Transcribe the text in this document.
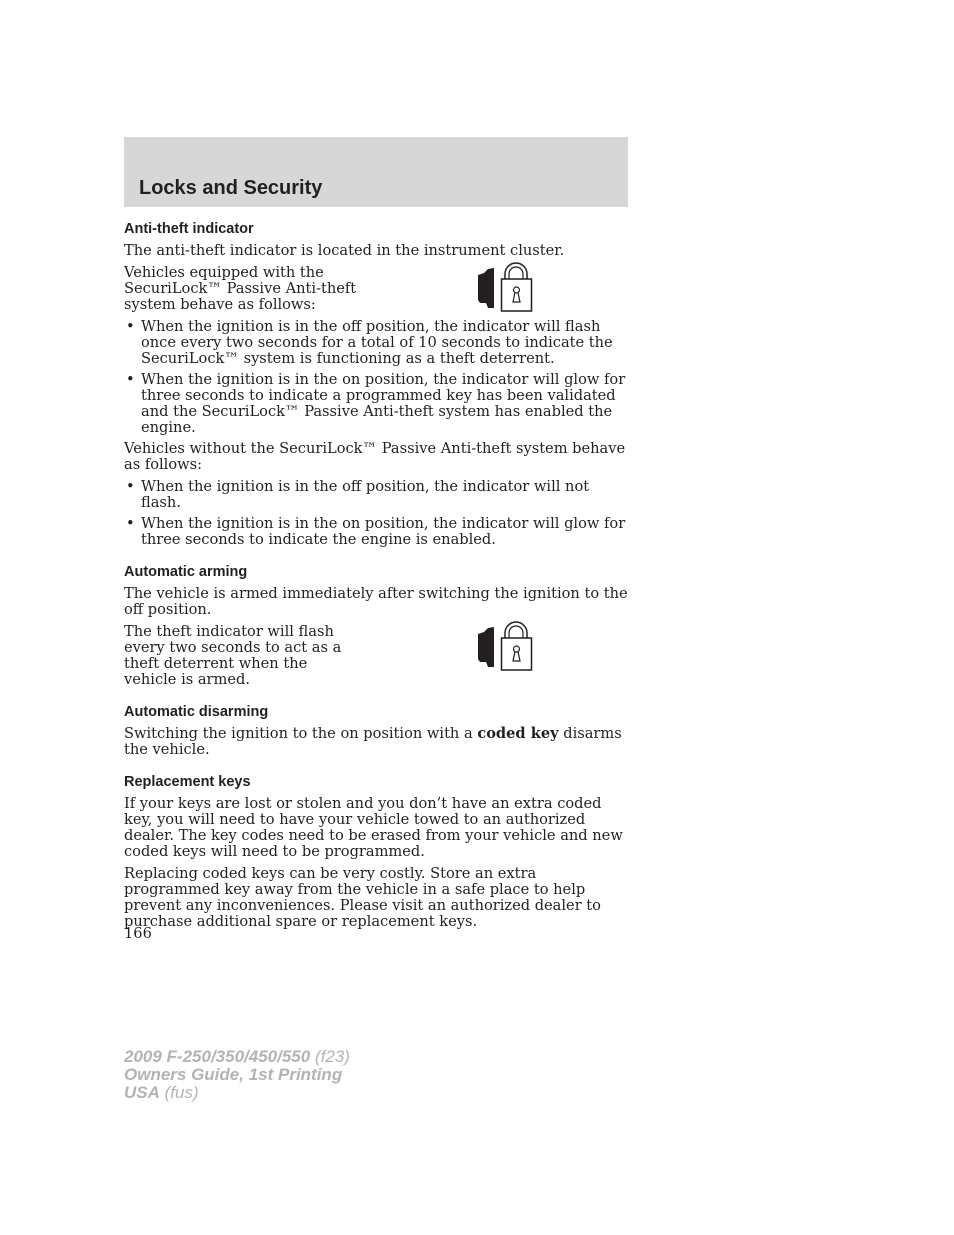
Locks and Security
Anti-theft indicator

The anti-theft indicator is located in the instrument cluster.

Vehicles equipped with the SecuriLock™ Passive Anti-theft system behave as follows:

• When the ignition is in the off position, the indicator will flash once every two seconds for a total of 10 seconds to indicate the SecuriLock™ system is functioning as a theft deterrent.
• When the ignition is in the on position, the indicator will glow for three seconds to indicate a programmed key has been validated and the SecuriLock™ Passive Anti-theft system has enabled the engine.

Vehicles without the SecuriLock™ Passive Anti-theft system behave as follows:

• When the ignition is in the off position, the indicator will not flash.
• When the ignition is in the on position, the indicator will glow for three seconds to indicate the engine is enabled.
Automatic arming

The vehicle is armed immediately after switching the ignition to the off position.

The theft indicator will flash every two seconds to act as a theft deterrent when the vehicle is armed.

Automatic disarming

Switching the ignition to the on position with a coded key disarms the vehicle.

Replacement keys

If your keys are lost or stolen and you don’t have an extra coded key, you will need to have your vehicle towed to an authorized dealer. The key codes need to be erased from your vehicle and new coded keys will need to be programmed.

Replacing coded keys can be very costly. Store an extra programmed key away from the vehicle in a safe place to help prevent any inconveniences. Please visit an authorized dealer to purchase additional spare or replacement keys.

166
2009 F-250/350/450/550 (f23)
Owners Guide, 1st Printing
USA (fus)
